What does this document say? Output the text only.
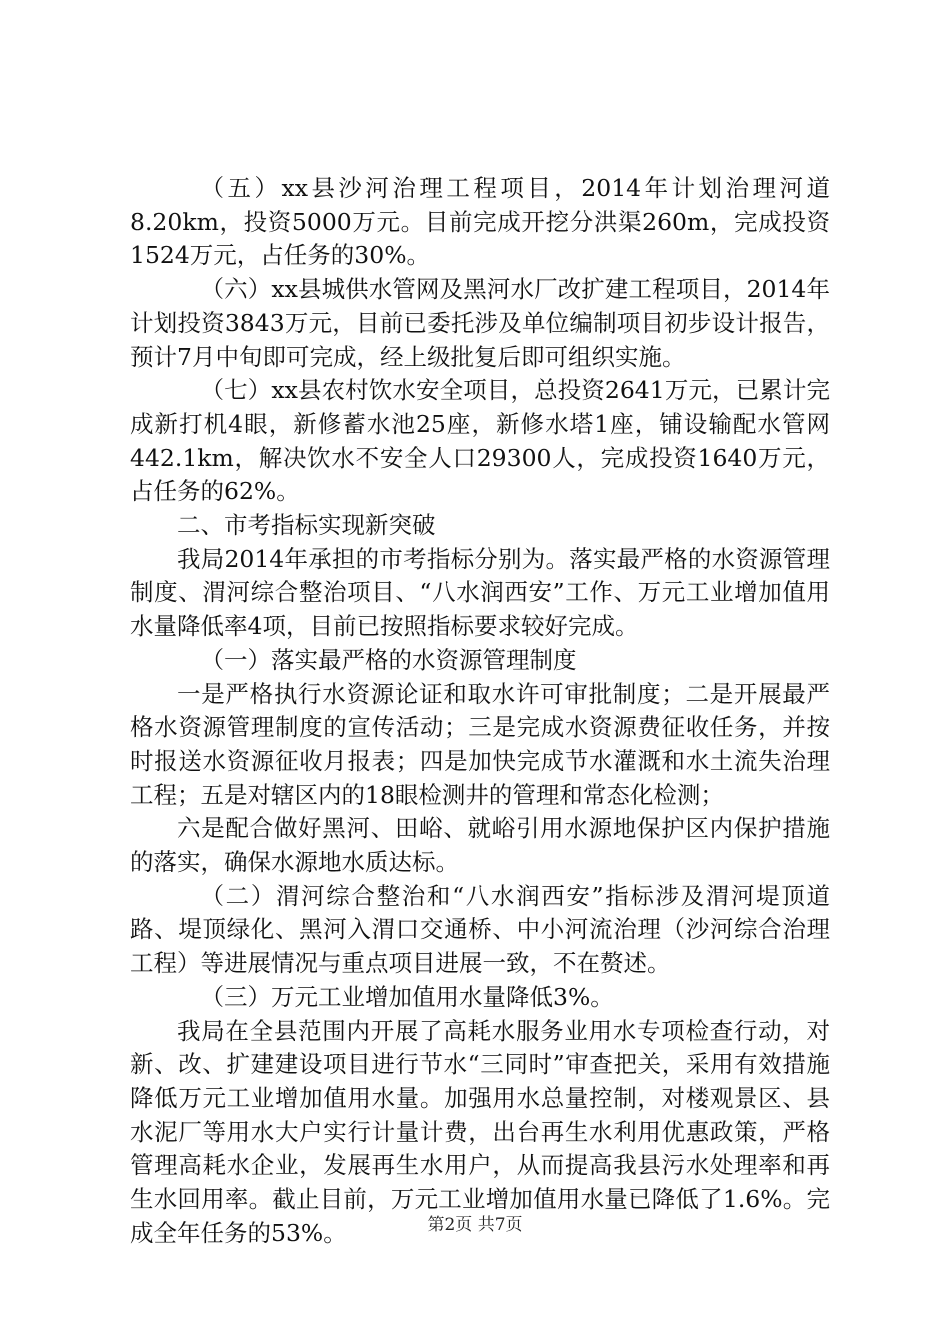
（五）xx县沙河治理工程项目，2014年计划治理河道8.20km，投资5000万元。目前完成开挖分洪渠260m，完成投资1524万元，占任务的30%。

（六）xx县城供水管网及黑河水厂改扩建工程项目，2014年计划投资3843万元，目前已委托涉及单位编制项目初步设计报告，预计7月中旬即可完成，经上级批复后即可组织实施。

（七）xx县农村饮水安全项目，总投资2641万元，已累计完成新打机4眼，新修蓄水池25座，新修水塔1座，铺设输配水管网442.1km，解决饮水不安全人口29300人，完成投资1640万元，占任务的62%。

二、市考指标实现新突破

我局2014年承担的市考指标分别为。落实最严格的水资源管理制度、渭河综合整治项目、“八水润西安”工作、万元工业增加值用水量降低率4项，目前已按照指标要求较好完成。

（一）落实最严格的水资源管理制度

一是严格执行水资源论证和取水许可审批制度；二是开展最严格水资源管理制度的宣传活动；三是完成水资源费征收任务，并按时报送水资源征收月报表；四是加快完成节水灌溉和水土流失治理工程；五是对辖区内的18眼检测井的管理和常态化检测；

六是配合做好黑河、田峪、就峪引用水源地保护区内保护措施的落实，确保水源地水质达标。

（二）渭河综合整治和“八水润西安”指标涉及渭河堤顶道路、堤顶绿化、黑河入渭口交通桥、中小河流治理（沙河综合治理工程）等进展情况与重点项目进展一致，不在赘述。

（三）万元工业增加值用水量降低3%。

我局在全县范围内开展了高耗水服务业用水专项检查行动，对新、改、扩建建设项目进行节水“三同时”审查把关，采用有效措施降低万元工业增加值用水量。加强用水总量控制，对楼观景区、县水泥厂等用水大户实行计量计费，出台再生水利用优惠政策，严格管理高耗水企业，发展再生水用户，从而提高我县污水处理率和再生水回用率。截止目前，万元工业增加值用水量已降低了1.6%。完成全年任务的53%。	第2页 共7页
